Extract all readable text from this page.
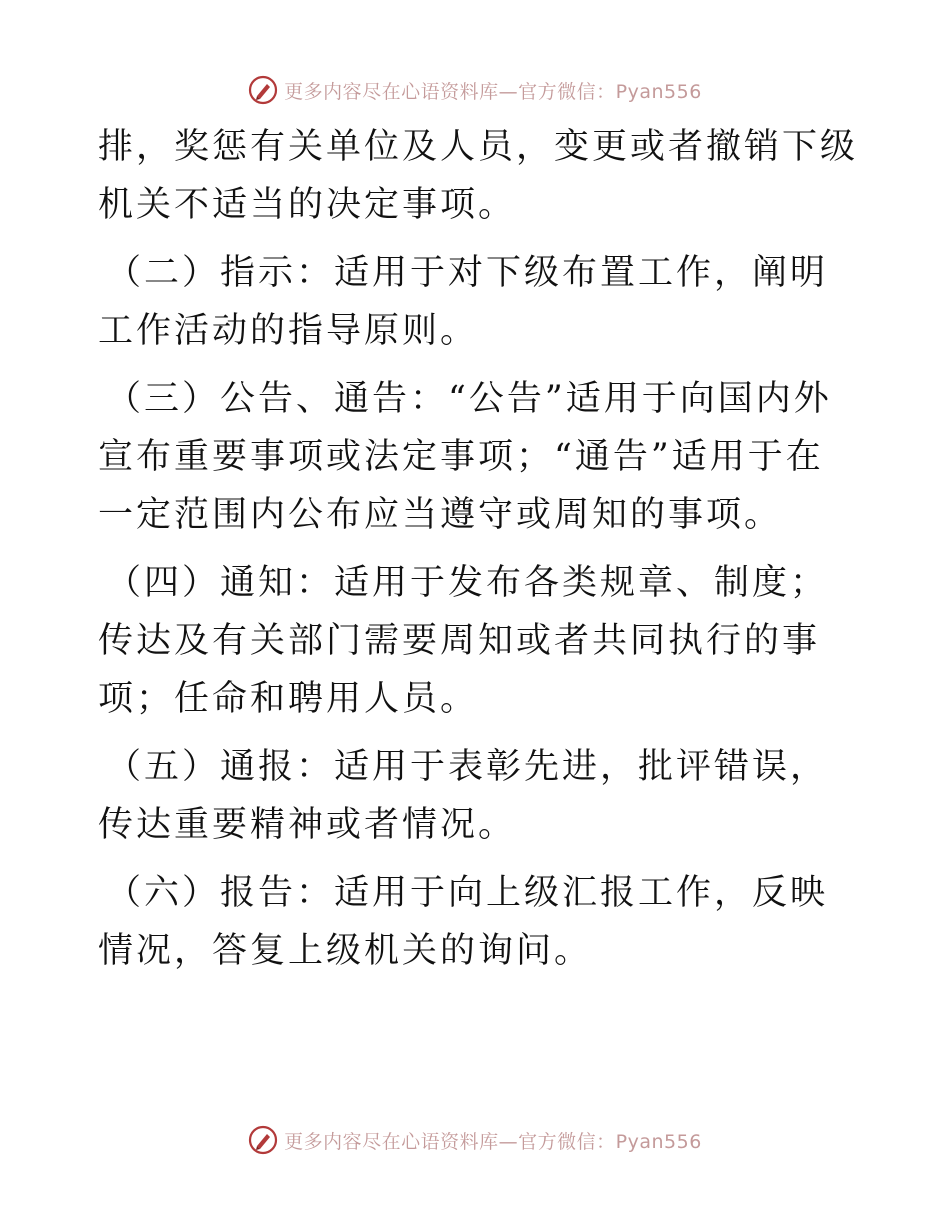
更多内容尽在心语资料库—官方微信：Pyan556

排，奖惩有关单位及人员，变更或者撤销下级机关不适当的决定事项。

（二）指示：适用于对下级布置工作，阐明工作活动的指导原则。

（三）公告、通告：“公告”适用于向国内外宣布重要事项或法定事项；“通告”适用于在一定范围内公布应当遵守或周知的事项。

（四）通知：适用于发布各类规章、制度；传达及有关部门需要周知或者共同执行的事项；任命和聘用人员。

（五）通报：适用于表彰先进，批评错误，传达重要精神或者情况。

（六）报告：适用于向上级汇报工作，反映情况，答复上级机关的询问。

更多内容尽在心语资料库—官方微信：Pyan556
